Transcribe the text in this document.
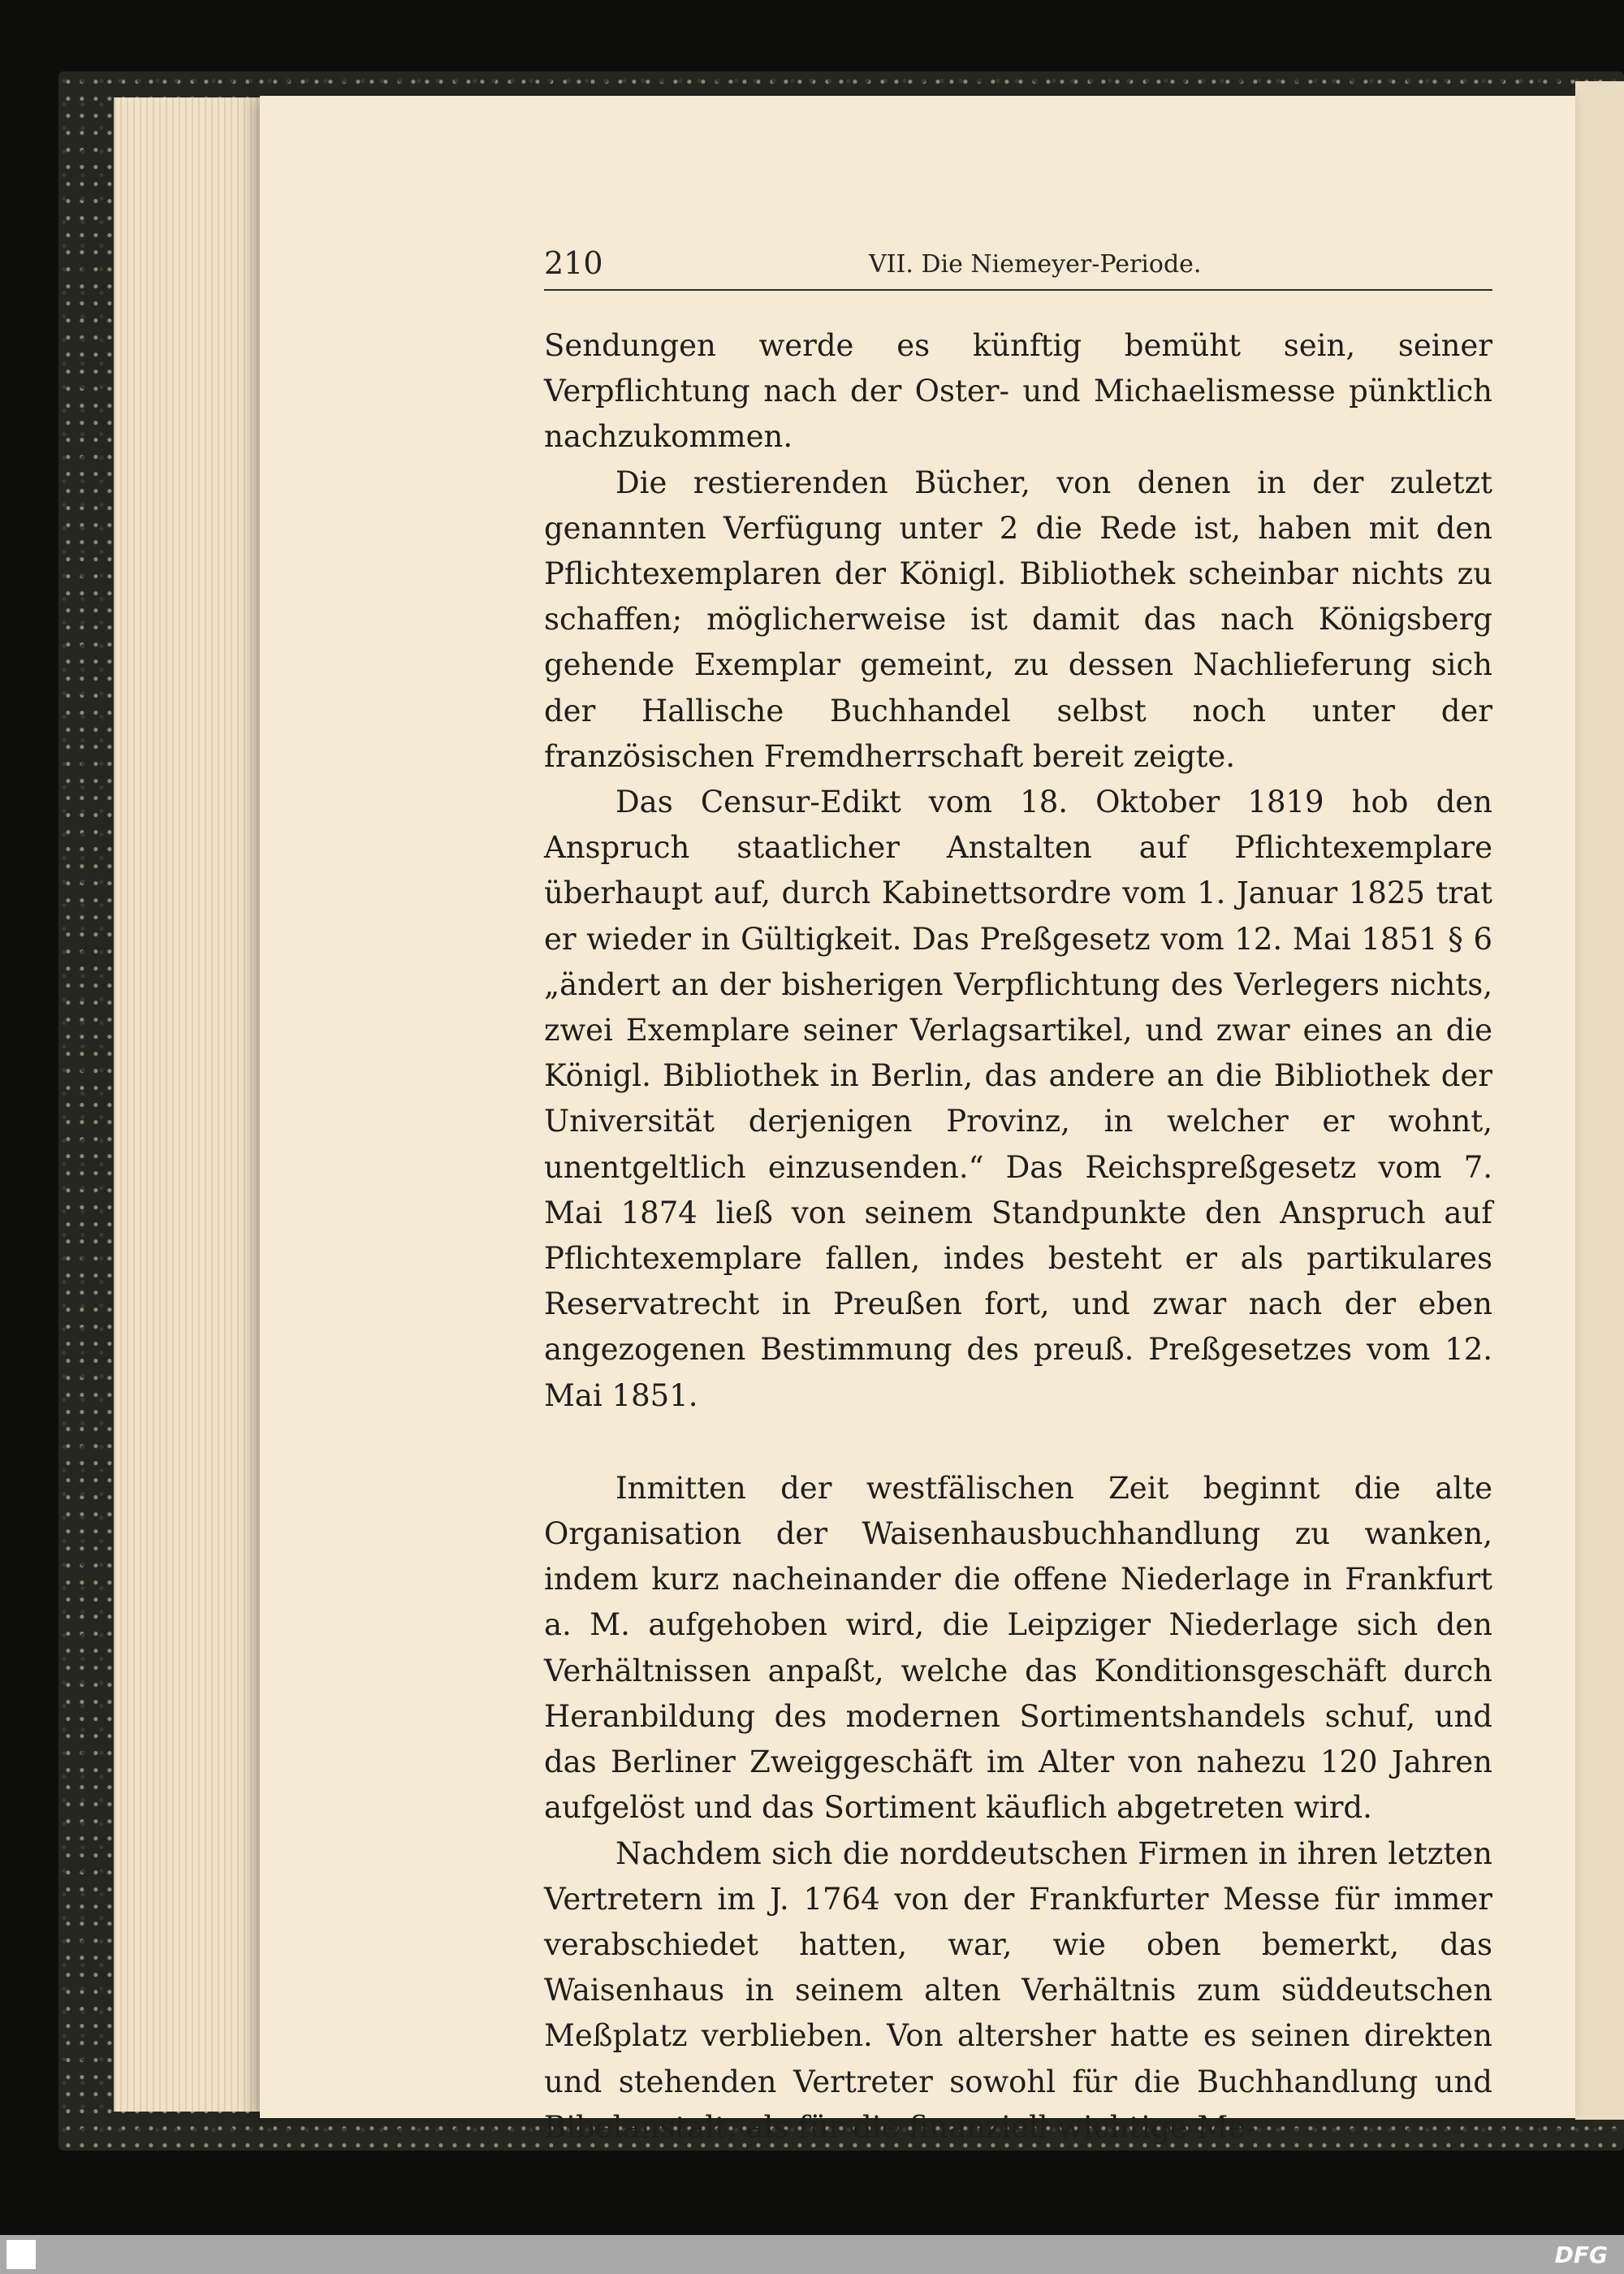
210	VII. Die Niemeyer-Periode.

Sendungen werde es künftig bemüht sein, seiner Verpflichtung nach der Oster- und Michaelismesse pünktlich nachzukommen.

Die restierenden Bücher, von denen in der zuletzt genannten Verfügung unter 2 die Rede ist, haben mit den Pflichtexemplaren der Königl. Bibliothek scheinbar nichts zu schaffen; möglicherweise ist damit das nach Königsberg gehende Exemplar gemeint, zu dessen Nachlieferung sich der Hallische Buchhandel selbst noch unter der französischen Fremdherrschaft bereit zeigte.

Das Censur-Edikt vom 18. Oktober 1819 hob den Anspruch staatlicher Anstalten auf Pflichtexemplare überhaupt auf, durch Kabinettsordre vom 1. Januar 1825 trat er wieder in Gültigkeit. Das Preßgesetz vom 12. Mai 1851 § 6 „ändert an der bisherigen Verpflichtung des Verlegers nichts, zwei Exemplare seiner Verlagsartikel, und zwar eines an die Königl. Bibliothek in Berlin, das andere an die Bibliothek der Universität derjenigen Provinz, in welcher er wohnt, unentgeltlich einzusenden.“ Das Reichspreßgesetz vom 7. Mai 1874 ließ von seinem Standpunkte den Anspruch auf Pflichtexemplare fallen, indes besteht er als partikulares Reservatrecht in Preußen fort, und zwar nach der eben angezogenen Bestimmung des preuß. Preßgesetzes vom 12. Mai 1851.

Inmitten der westfälischen Zeit beginnt die alte Organisation der Waisenhausbuchhandlung zu wanken, indem kurz nacheinander die offene Niederlage in Frankfurt a. M. aufgehoben wird, die Leipziger Niederlage sich den Verhältnissen anpaßt, welche das Konditionsgeschäft durch Heranbildung des modernen Sortimentshandels schuf, und das Berliner Zweiggeschäft im Alter von nahezu 120 Jahren aufgelöst und das Sortiment käuflich abgetreten wird.

Nachdem sich die norddeutschen Firmen in ihren letzten Vertretern im J. 1764 von der Frankfurter Messe für immer verabschiedet hatten, war, wie oben bemerkt, das Waisenhaus in seinem alten Verhältnis zum süddeutschen Meßplatz verblieben. Von altersher hatte es seinen direkten und stehenden Vertreter sowohl für die Buchhandlung und Bibelanstalt, als für die finanziell wichtige Me-

DFG
